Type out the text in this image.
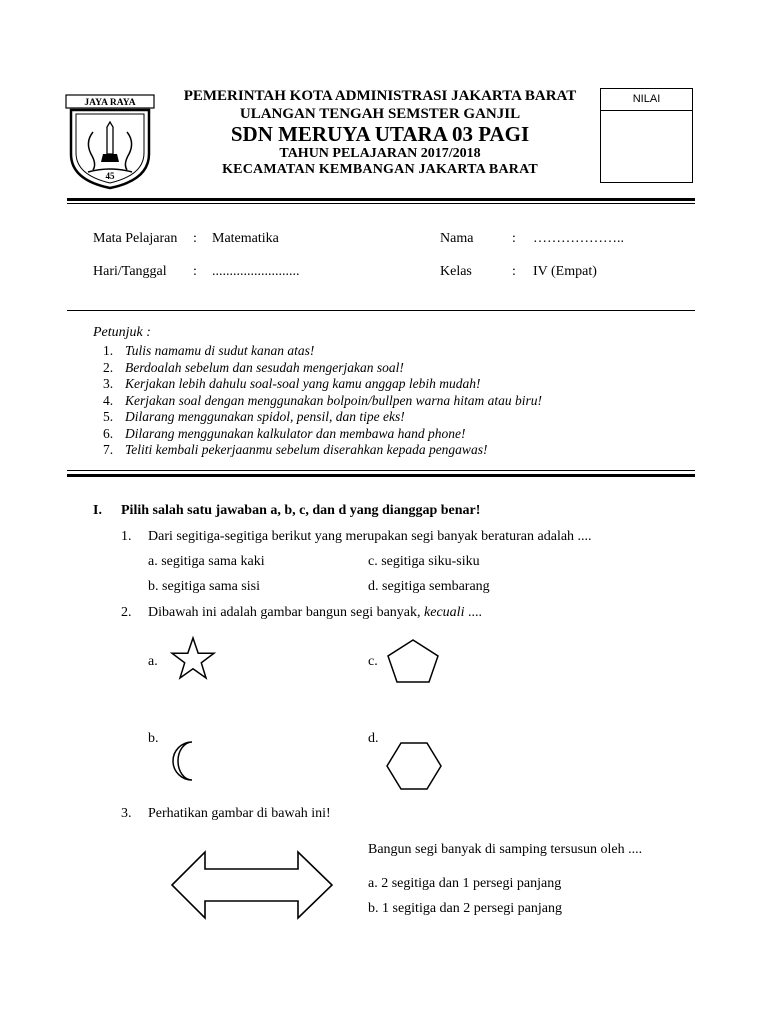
JAYA RAYA
45
PEMERINTAH KOTA ADMINISTRASI JAKARTA BARAT
ULANGAN TENGAH SEMSTER GANJIL
SDN MERUYA UTARA 03 PAGI
TAHUN PELAJARAN 2017/2018
KECAMATAN KEMBANGAN JAKARTA BARAT
NILAI
Mata Pelajaran : Matematika	Nama	: ………………..
Hari/Tanggal : .........................	Kelas	: IV (Empat)
Petunjuk :
1. Tulis namamu di sudut kanan atas!
2. Berdoalah sebelum dan sesudah mengerjakan soal!
3. Kerjakan lebih dahulu soal-soal yang kamu anggap lebih mudah!
4. Kerjakan soal dengan menggunakan bolpoin/bullpen warna hitam atau biru!
5. Dilarang menggunakan spidol, pensil, dan tipe eks!
6. Dilarang menggunakan kalkulator dan membawa hand phone!
7. Teliti kembali pekerjaanmu sebelum diserahkan kepada pengawas!
I. Pilih salah satu jawaban a, b, c, dan d yang dianggap benar!
1. Dari segitiga-segitiga berikut yang merupakan segi banyak beraturan adalah ....
a. segitiga sama kaki	c. segitiga siku-siku
b. segitiga sama sisi	d. segitiga sembarang
2. Dibawah ini adalah gambar bangun segi banyak, kecuali ....
a.	c.
b.	d.
3. Perhatikan gambar di bawah ini!
Bangun segi banyak di samping tersusun oleh ....
a. 2 segitiga dan 1 persegi panjang
b. 1 segitiga dan 2 persegi panjang
